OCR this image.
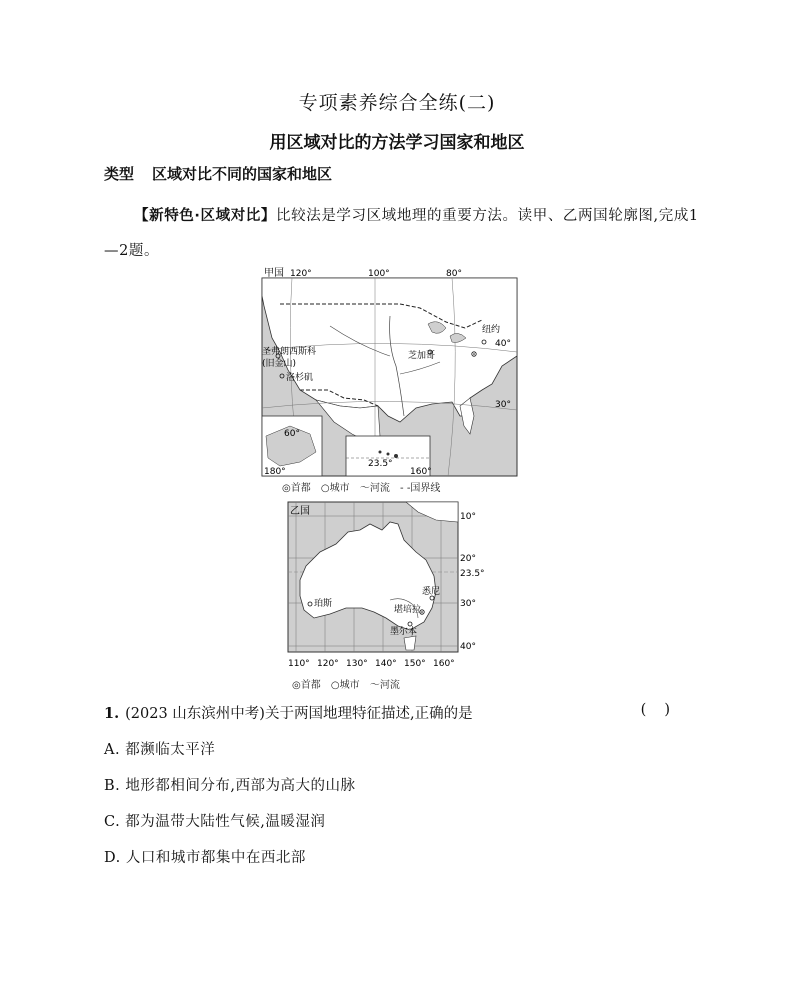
专项素养综合全练(二)
用区域对比的方法学习国家和地区
类型 区域对比不同的国家和地区
【新特色·区域对比】比较法是学习区域地理的重要方法。读甲、乙两国轮廓图,完成1—2题。
甲国 120°	100°	80°
40°
30°
60°
180°	160°
23.5°
圣弗朗西斯科
(旧金山)
洛杉矶
芝加哥
纽约
◎首都 ○城市 〜河流 - -国界线
乙国	10°
20°
23.5°
30°
40°
110° 120° 130° 140° 150° 160°
珀斯
悉尼
堪培拉
墨尔本
◎首都 ○城市 〜河流
1. (2023 山东滨州中考)关于两国地理特征描述,正确的是	()
A. 都濒临太平洋
B. 地形都相间分布,西部为高大的山脉
C. 都为温带大陆性气候,温暖湿润
D. 人口和城市都集中在西北部
